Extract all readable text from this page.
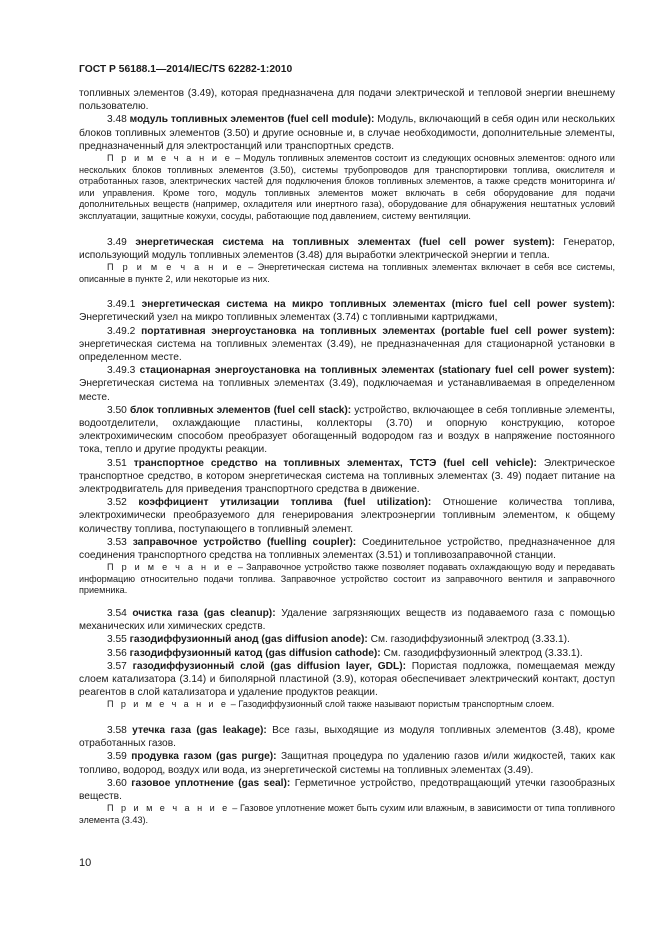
ГОСТ Р 56188.1—2014/IEC/TS 62282-1:2010

топливных элементов (3.49), которая предназначена для подачи электрической и тепловой энергии внешнему пользователю.

3.48 модуль топливных элементов (fuel cell module): Модуль, включающий в себя один или нескольких блоков топливных элементов (3.50) и другие основные и, в случае необходимости, дополнительные элементы, предназначенный для электростанций или транспортных средств.

П р и м е ч а н и е – Модуль топливных элементов состоит из следующих основных элементов: одного или нескольких блоков топливных элементов (3.50), системы трубопроводов для транспортировки топлива, окислителя и отработанных газов, электрических частей для подключения блоков топливных элементов, а также средств мониторинга и/или управления. Кроме того, модуль топливных элементов может включать в себя оборудование для подачи дополнительных веществ (например, охладителя или инертного газа), оборудование для обнаружения нештатных условий эксплуатации, защитные кожухи, сосуды, работающие под давлением, систему вентиляции.

3.49 энергетическая система на топливных элементах (fuel cell power system): Генератор, использующий модуль топливных элементов (3.48) для выработки электрической энергии и тепла.

П р и м е ч а н и е – Энергетическая система на топливных элементах включает в себя все системы, описанные в пункте 2, или некоторые из них.

3.49.1 энергетическая система на микро топливных элементах (micro fuel cell power system): Энергетический узел на микро топливных элементах (3.74) с топливными картриджами,

3.49.2 портативная энергоустановка на топливных элементах (portable fuel cell power system): энергетическая система на топливных элементах (3.49), не предназначенная для стационарной установки в определенном месте.

3.49.3 стационарная энергоустановка на топливных элементах (stationary fuel cell power system): Энергетическая система на топливных элементах (3.49), подключаемая и устанавливаемая в определенном месте.

3.50 блок топливных элементов (fuel cell stack): устройство, включающее в себя топливные элементы, водоотделители, охлаждающие пластины, коллекторы (3.70) и опорную конструкцию, которое электрохимическим способом преобразует обогащенный водородом газ и воздух в напряжение постоянного тока, тепло и другие продукты реакции.

3.51 транспортное средство на топливных элементах, ТСТЭ (fuel cell vehicle): Электрическое транспортное средство, в котором энергетическая система на топливных элементах (3. 49) подает питание на электродвигатель для приведения транспортного средства в движение.

3.52 коэффициент утилизации топлива (fuel utilization): Отношение количества топлива, электрохимически преобразуемого для генерирования электроэнергии топливным элементом, к общему количеству топлива, поступающего в топливный элемент.

3.53 заправочное устройство (fuelling coupler): Соединительное устройство, предназначенное для соединения транспортного средства на топливных элементах (3.51) и топливозаправочной станции.

П р и м е ч а н и е – Заправочное устройство также позволяет подавать охлаждающую воду и передавать информацию относительно подачи топлива. Заправочное устройство состоит из заправочного вентиля и заправочного приемника.

3.54 очистка газа (gas cleanup): Удаление загрязняющих веществ из подаваемого газа с помощью механических или химических средств.

3.55 газодиффузионный анод (gas diffusion anode): См. газодиффузионный электрод (3.33.1).

3.56 газодиффузионный катод (gas diffusion cathode): См. газодиффузионный электрод (3.33.1).

3.57 газодиффузионный слой (gas diffusion layer, GDL): Пористая подложка, помещаемая между слоем катализатора (3.14) и биполярной пластиной (3.9), которая обеспечивает электрический контакт, доступ реагентов в слой катализатора и удаление продуктов реакции.

П р и м е ч а н и е – Газодиффузионный слой также называют пористым транспортным слоем.

3.58 утечка газа (gas leakage): Все газы, выходящие из модуля топливных элементов (3.48), кроме отработанных газов.

3.59 продувка газом (gas purge): Защитная процедура по удалению газов и/или жидкостей, таких как топливо, водород, воздух или вода, из энергетической системы на топливных элементах (3.49).

3.60 газовое уплотнение (gas seal): Герметичное устройство, предотвращающий утечки газообразных веществ.

П р и м е ч а н и е – Газовое уплотнение может быть сухим или влажным, в зависимости от типа топливного элемента (3.43).

10
